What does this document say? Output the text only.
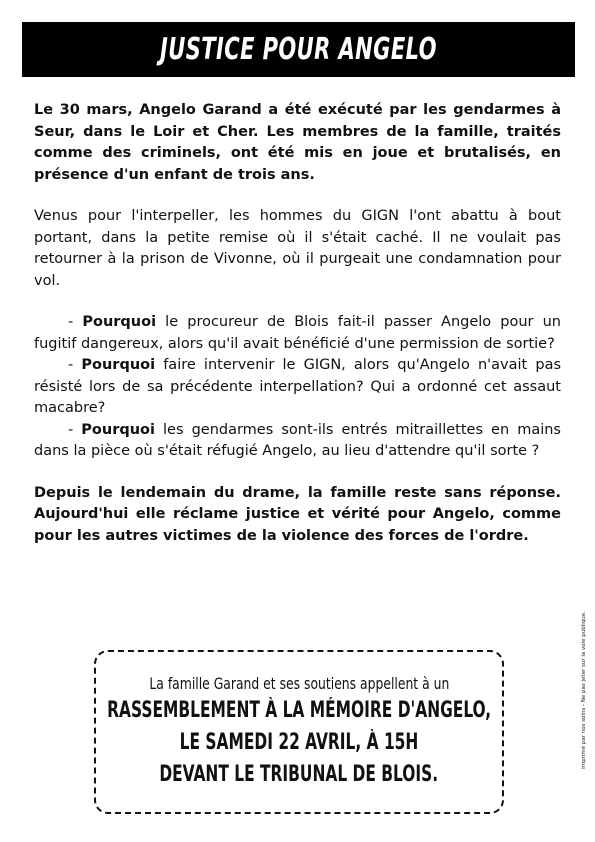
JUSTICE POUR ANGELO

Le 30 mars, Angelo Garand a été exécuté par les gendarmes à Seur, dans le Loir et Cher. Les membres de la famille, traités comme des criminels, ont été mis en joue et brutalisés, en présence d'un enfant de trois ans.

Venus pour l'interpeller, les hommes du GIGN l'ont abattu à bout portant, dans la petite remise où il s'était caché. Il ne voulait pas retourner à la prison de Vivonne, où il purgeait une condamnation pour vol.

- Pourquoi le procureur de Blois fait-il passer Angelo pour un fugitif dangereux, alors qu'il avait bénéficié d'une permission de sortie?

- Pourquoi faire intervenir le GIGN, alors qu'Angelo n'avait pas résisté lors de sa précédente interpellation? Qui a ordonné cet assaut macabre?

- Pourquoi les gendarmes sont-ils entrés mitraillettes en mains dans la pièce où s'était réfugié Angelo, au lieu d'attendre qu'il sorte ?

Depuis le lendemain du drame, la famille reste sans réponse. Aujourd'hui elle réclame justice et vérité pour Angelo, comme pour les autres victimes de la violence des forces de l'ordre.

Imprimé par nos soins - Ne pas jeter sur la voie publique.
La famille Garand et ses soutiens appellent à un
RASSEMBLEMENT À LA MÉMOIRE D'ANGELO,
LE SAMEDI 22 AVRIL, À 15H
DEVANT LE TRIBUNAL DE BLOIS.
